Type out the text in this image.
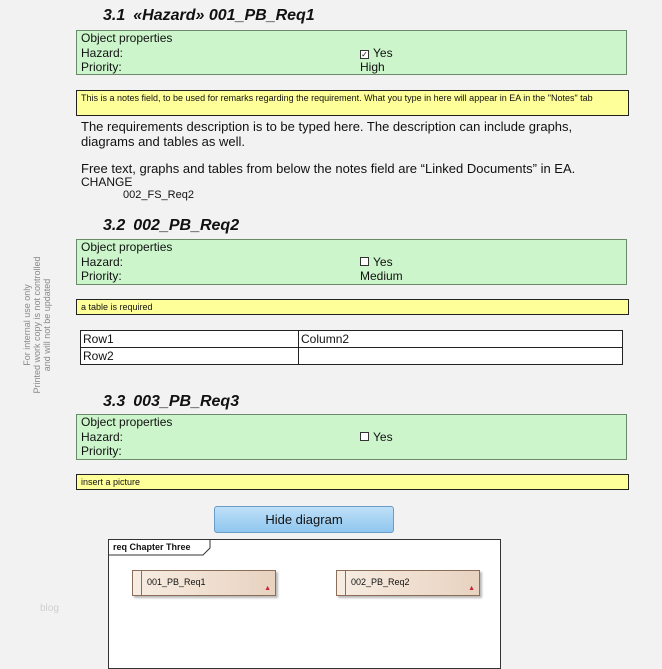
For internal use only Printed work copy is not controlled and will not be updated
blog
3.1 «Hazard» 001_PB_Req1
Object properties
Hazard:	✓ Yes
Priority:	High
This is a notes field, to be used for remarks regarding the requirement. What you type in here will appear in EA in the "Notes" tab
The requirements description is to be typed here. The description can include graphs, diagrams and tables as well.
Free text, graphs and tables from below the notes field are “Linked Documents” in EA.
CHANGE
002_FS_Req2
3.2 002_PB_Req2
Object properties
Hazard:	Yes
Priority:	Medium
a table is required
Row1	Column2
Row2	
3.3 003_PB_Req3
Object properties
Hazard:	Yes
Priority:
insert a picture
Hide diagram
req Chapter Three
001_PB_Req1
▲
002_PB_Req2
▲
